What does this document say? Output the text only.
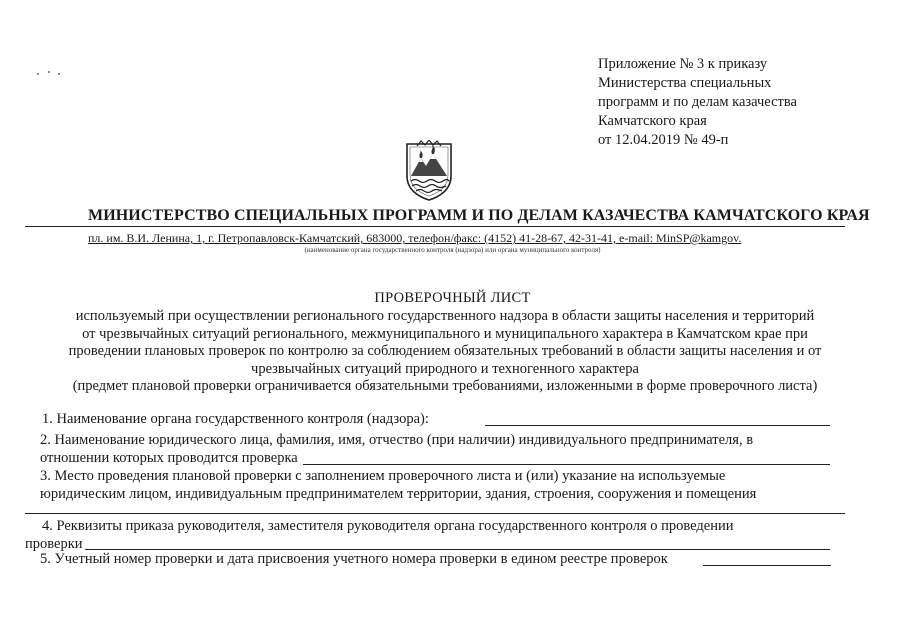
Приложение № 3 к приказу
Министерства специальных
программ и по делам казачества
Камчатского края
от 12.04.2019 № 49-п
МИНИСТЕРСТВО СПЕЦИАЛЬНЫХ ПРОГРАММ И ПО ДЕЛАМ КАЗАЧЕСТВА КАМЧАТСКОГО КРАЯ
пл. им. В.И. Ленина, 1, г. Петропавловск-Камчатский, 683000, телефон/факс: (4152) 41-28-67, 42-31-41, e-mail: MinSP@kamgov.
(наименование органа государственного контроля (надзора) или органа муниципального контроля)
ПРОВЕРОЧНЫЙ ЛИСТ
используемый при осуществлении регионального государственного надзора в области защиты населения и территорий
от чрезвычайных ситуаций регионального, межмуниципального и муниципального характера в Камчатском крае при
проведении плановых проверок по контролю за соблюдением обязательных требований в области защиты населения и от
чрезвычайных ситуаций природного и техногенного характера
(предмет плановой проверки ограничивается обязательными требованиями, изложенными в форме проверочного листа)
1. Наименование органа государственного контроля (надзора):
2. Наименование юридического лица, фамилия, имя, отчество (при наличии) индивидуального предпринимателя, в
отношении которых проводится проверка
3. Место проведения плановой проверки с заполнением проверочного листа и (или) указание на используемые
юридическим лицом, индивидуальным предпринимателем территории, здания, строения, сооружения и помещения
4. Реквизиты приказа руководителя, заместителя руководителя органа государственного контроля о проведении
проверки
5. Учетный номер проверки и дата присвоения учетного номера проверки в едином реестре проверок
